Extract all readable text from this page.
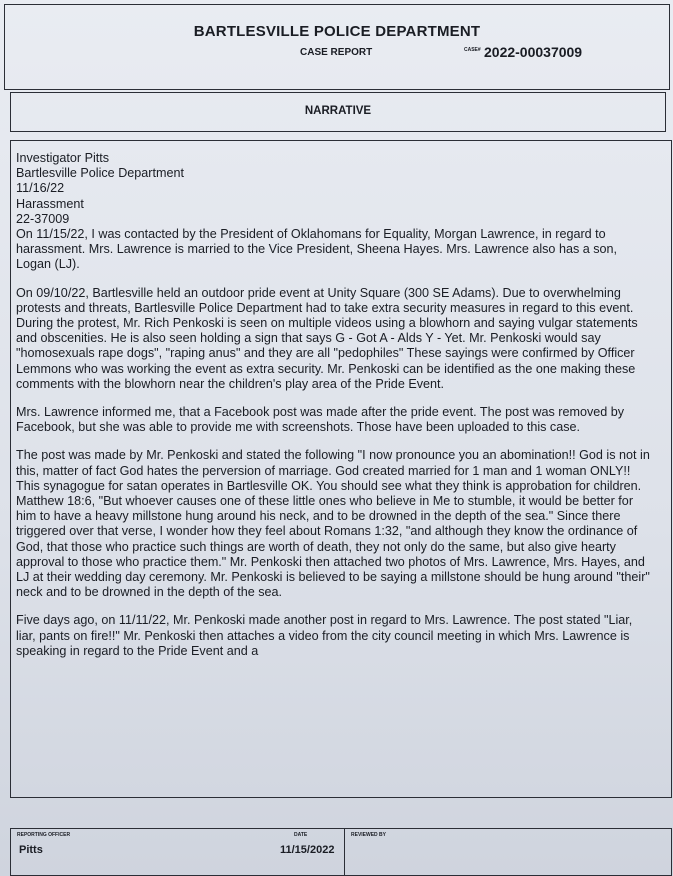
BARTLESVILLE POLICE DEPARTMENT
CASE REPORT	CASE# 2022-00037009
NARRATIVE

Investigator Pitts

Bartlesville Police Department

11/16/22

Harassment

22-37009

On 11/15/22, I was contacted by the President of Oklahomans for Equality, Morgan Lawrence, in regard to harassment. Mrs. Lawrence is married to the Vice President, Sheena Hayes. Mrs. Lawrence also has a son, Logan (LJ).

On 09/10/22, Bartlesville held an outdoor pride event at Unity Square (300 SE Adams). Due to overwhelming protests and threats, Bartlesville Police Department had to take extra security measures in regard to this event. During the protest, Mr. Rich Penkoski is seen on multiple videos using a blowhorn and saying vulgar statements and obscenities. He is also seen holding a sign that says G - Got A - Alds Y - Yet. Mr. Penkoski would say "homosexuals rape dogs", "raping anus" and they are all "pedophiles" These sayings were confirmed by Officer Lemmons who was working the event as extra security. Mr. Penkoski can be identified as the one making these comments with the blowhorn near the children's play area of the Pride Event.

Mrs. Lawrence informed me, that a Facebook post was made after the pride event. The post was removed by Facebook, but she was able to provide me with screenshots. Those have been uploaded to this case.

The post was made by Mr. Penkoski and stated the following "I now pronounce you an abomination!! God is not in this, matter of fact God hates the perversion of marriage. God created married for 1 man and 1 woman ONLY!! This synagogue for satan operates in Bartlesville OK. You should see what they think is approbation for children. Matthew 18:6, "But whoever causes one of these little ones who believe in Me to stumble, it would be better for him to have a heavy millstone hung around his neck, and to be drowned in the depth of the sea." Since there triggered over that verse, I wonder how they feel about Romans 1:32, "and although they know the ordinance of God, that those who practice such things are worth of death, they not only do the same, but also give hearty approval to those who practice them." Mr. Penkoski then attached two photos of Mrs. Lawrence, Mrs. Hayes, and LJ at their wedding day ceremony. Mr. Penkoski is believed to be saying a millstone should be hung around "their" neck and to be drowned in the depth of the sea.

Five days ago, on 11/11/22, Mr. Penkoski made another post in regard to Mrs. Lawrence. The post stated "Liar, liar, pants on fire!!" Mr. Penkoski then attaches a video from the city council meeting in which Mrs. Lawrence is speaking in regard to the Pride Event and a

REPORTING OFFICER
Pitts
DATE
11/15/2022
REVIEWED BY
